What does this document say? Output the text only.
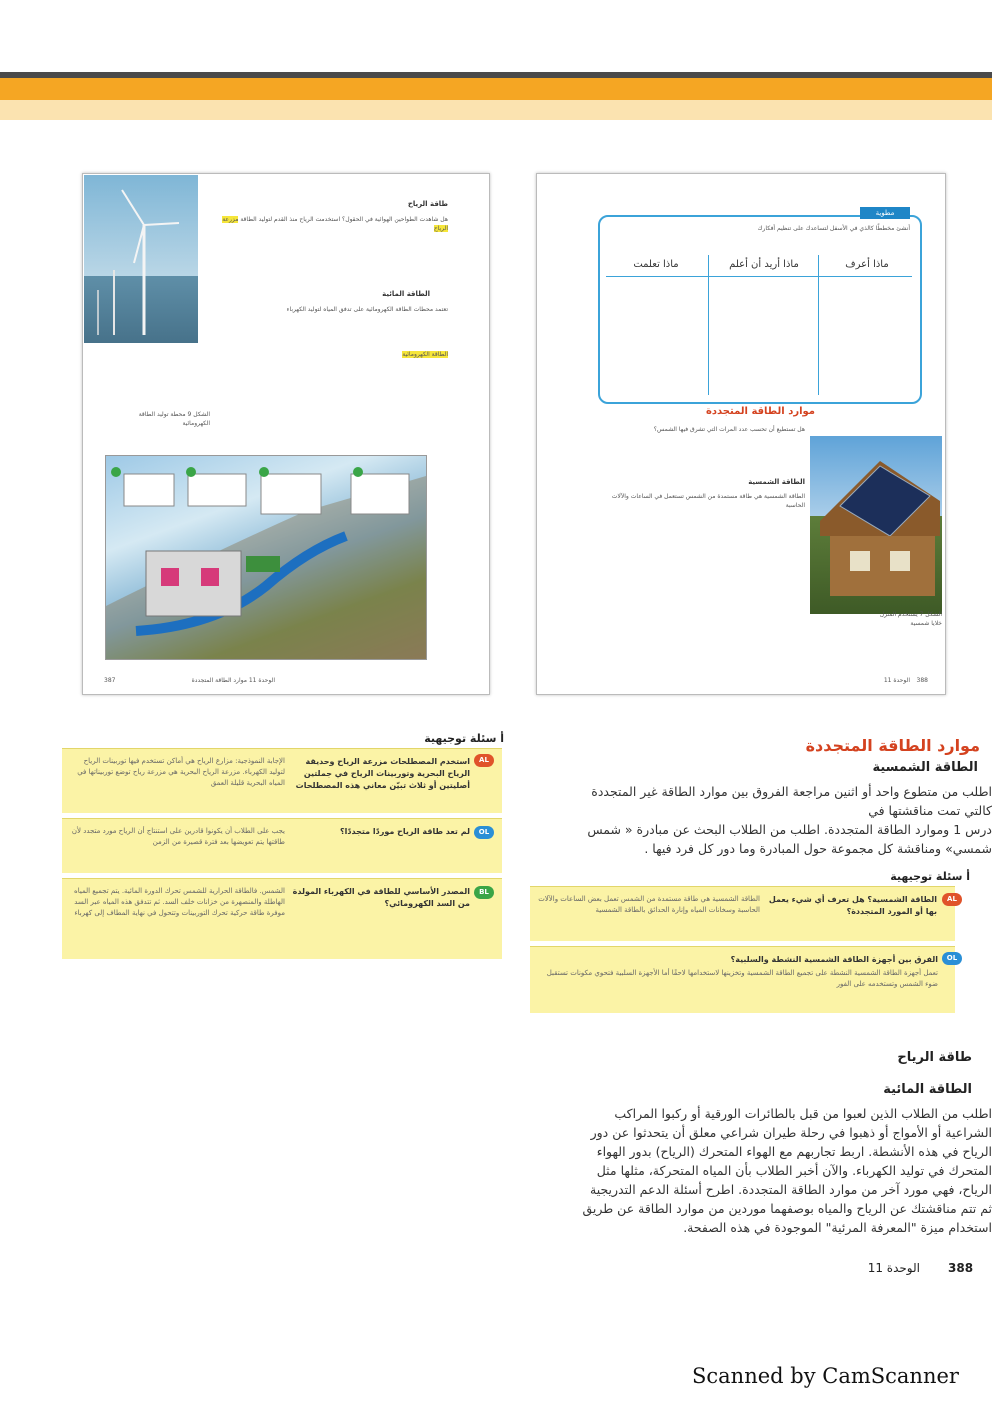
طاقة الرياح
هل شاهدت الطواحين الهوائية في الحقول؟ استخدمت الرياح منذ القدم لتوليد الطاقة مزرعة الرياح
الطاقة المائية
تعتمد محطات الطاقة الكهرومائية على تدفق المياه لتوليد الكهرباء
الطاقة الكهرومائية
الشكل 9 محطة توليد الطاقة الكهرومائية
الوحدة 11 موارد الطاقة المتجددة
387
مطوية
أنشئ مخططًا كالذي في الأسفل لتساعدك على تنظيم أفكارك
ماذا أعرف
ماذا أريد أن أعلم
ماذا تعلمت
موارد الطاقة المتجددة
هل تستطيع أن تحسب عدد المرات التي تشرق فيها الشمس؟
الطاقة الشمسية
الطاقة الشمسية هي طاقة مستمدة من الشمس تستعمل في الساعات والآلات الحاسبة
الشكل 7 يستخدم المنزل خلايا شمسية
الوحدة 11	388
أ سئلة توجيهية
AL
استخدم المصطلحات مزرعة الرياح وحديقة الرياح البحرية وتوربينات الرياح في جملتين أصليتين أو ثلاث تبيّن معاني هذه المصطلحات
الإجابة النموذجية: مزارع الرياح هي أماكن تستخدم فيها توربينات الرياح لتوليد الكهرباء. مزرعة الرياح البحرية هي مزرعة رياح توضع توربيناتها في المياه البحرية قليلة العمق
OL
لم تعد طاقة الرياح موردًا متجددًا؟
يجب على الطلاب أن يكونوا قادرين على استنتاج أن الرياح مورد متجدد لأن طاقتها يتم تعويضها بعد فترة قصيرة من الزمن
BL
المصدر الأساسي للطاقة في الكهرباء المولدة من السد الكهرومائي؟
الشمس. فالطاقة الحرارية للشمس تحرك الدورة المائية. يتم تجميع المياه الهاطلة والمنصهرة من خزانات خلف السد. ثم تتدفق هذه المياه عبر السد موفرة طاقة حركية تحرك التوربينات وتتحول في نهاية المطاف إلى كهرباء
موارد الطاقة المتجددة
الطاقة الشمسية
اطلب من متطوع واحد أو اثنين مراجعة الفروق بين موارد الطاقة غير المتجددة
كالتي تمت مناقشتها في
درس 1 وموارد الطاقة المتجددة. اطلب من الطلاب البحث عن مبادرة « شمس
شمسي» ومناقشة كل مجموعة حول المبادرة وما دور كل فرد فيها .
أ سئلة توجيهية
AL
الطاقة الشمسية؟ هل تعرف أي شيء يعمل بها أو المورد المتجددة؟
الطاقة الشمسية هي طاقة مستمدة من الشمس تعمل بعض الساعات والآلات الحاسبة وسخانات المياه وإنارة الحدائق بالطاقة الشمسية
OL
الفرق بين أجهزة الطاقة الشمسية النشطة والسلبية؟
تعمل أجهزة الطاقة الشمسية النشطة على تجميع الطاقة الشمسية وتخزينها لاستخدامها لاحقًا أما الأجهزة السلبية فتحوي مكونات تستقبل ضوء الشمس وتستخدمه على الفور
طاقة الرياح
الطاقة المائية
اطلب من الطلاب الذين لعبوا من قبل بالطائرات الورقية أو ركبوا المراكب
الشراعية أو الأمواج أو ذهبوا في رحلة طيران شراعي معلق أن يتحدثوا عن دور
الرياح في هذه الأنشطة. اربط تجاربهم مع الهواء المتحرك (الرياح) بدور الهواء
المتحرك في توليد الكهرباء. والآن أخبر الطلاب بأن المياه المتحركة، مثلها مثل
الرياح، فهي مورد آخر من موارد الطاقة المتجددة. اطرح أسئلة الدعم التدريجية
ثم تتم مناقشتك عن الرياح والمياه بوصفهما موردين من موارد الطاقة عن طريق
استخدام ميزة "المعرفة المرئية" الموجودة في هذه الصفحة.
388
الوحدة 11
Scanned by CamScanner
